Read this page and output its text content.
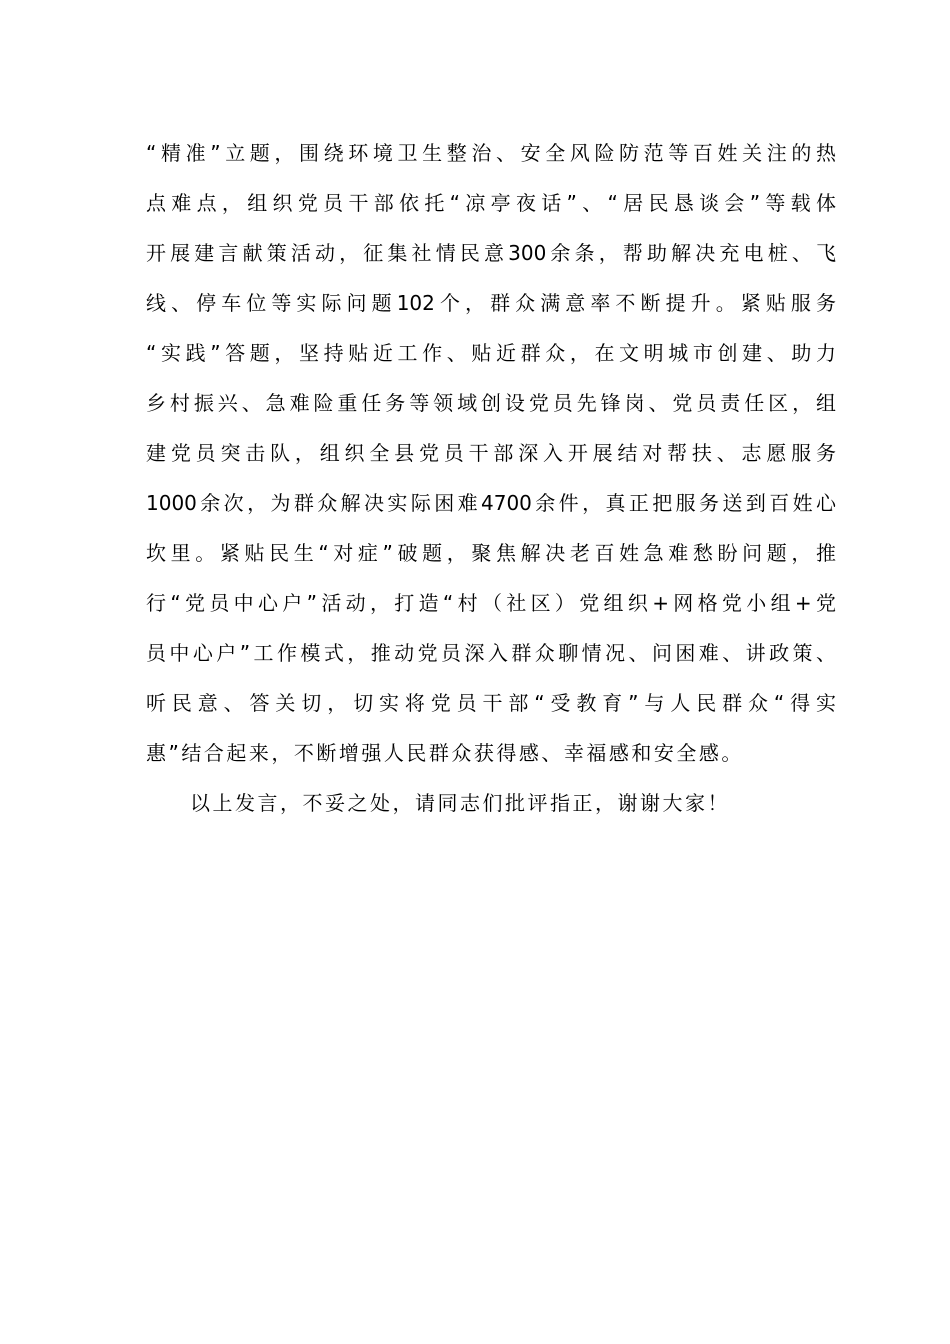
“精准”立题，围绕环境卫生整治、安全风险防范等百姓关注的热
点难点，组织党员干部依托“凉亭夜话”、“居民恳谈会”等载体
开展建言献策活动，征集社情民意300余条，帮助解决充电桩、飞
线、停车位等实际问题102个，群众满意率不断提升。紧贴服务
“实践”答题，坚持贴近工作、贴近群众，在文明城市创建、助力
乡村振兴、急难险重任务等领域创设党员先锋岗、党员责任区，组
建党员突击队，组织全县党员干部深入开展结对帮扶、志愿服务
1000余次，为群众解决实际困难4700余件，真正把服务送到百姓心
坎里。紧贴民生“对症”破题，聚焦解决老百姓急难愁盼问题，推
行“党员中心户”活动，打造“村（社区）党组织+网格党小组+党
员中心户”工作模式，推动党员深入群众聊情况、问困难、讲政策、
听民意、答关切，切实将党员干部“受教育”与人民群众“得实
惠”结合起来，不断增强人民群众获得感、幸福感和安全感。
以上发言，不妥之处，请同志们批评指正，谢谢大家！
